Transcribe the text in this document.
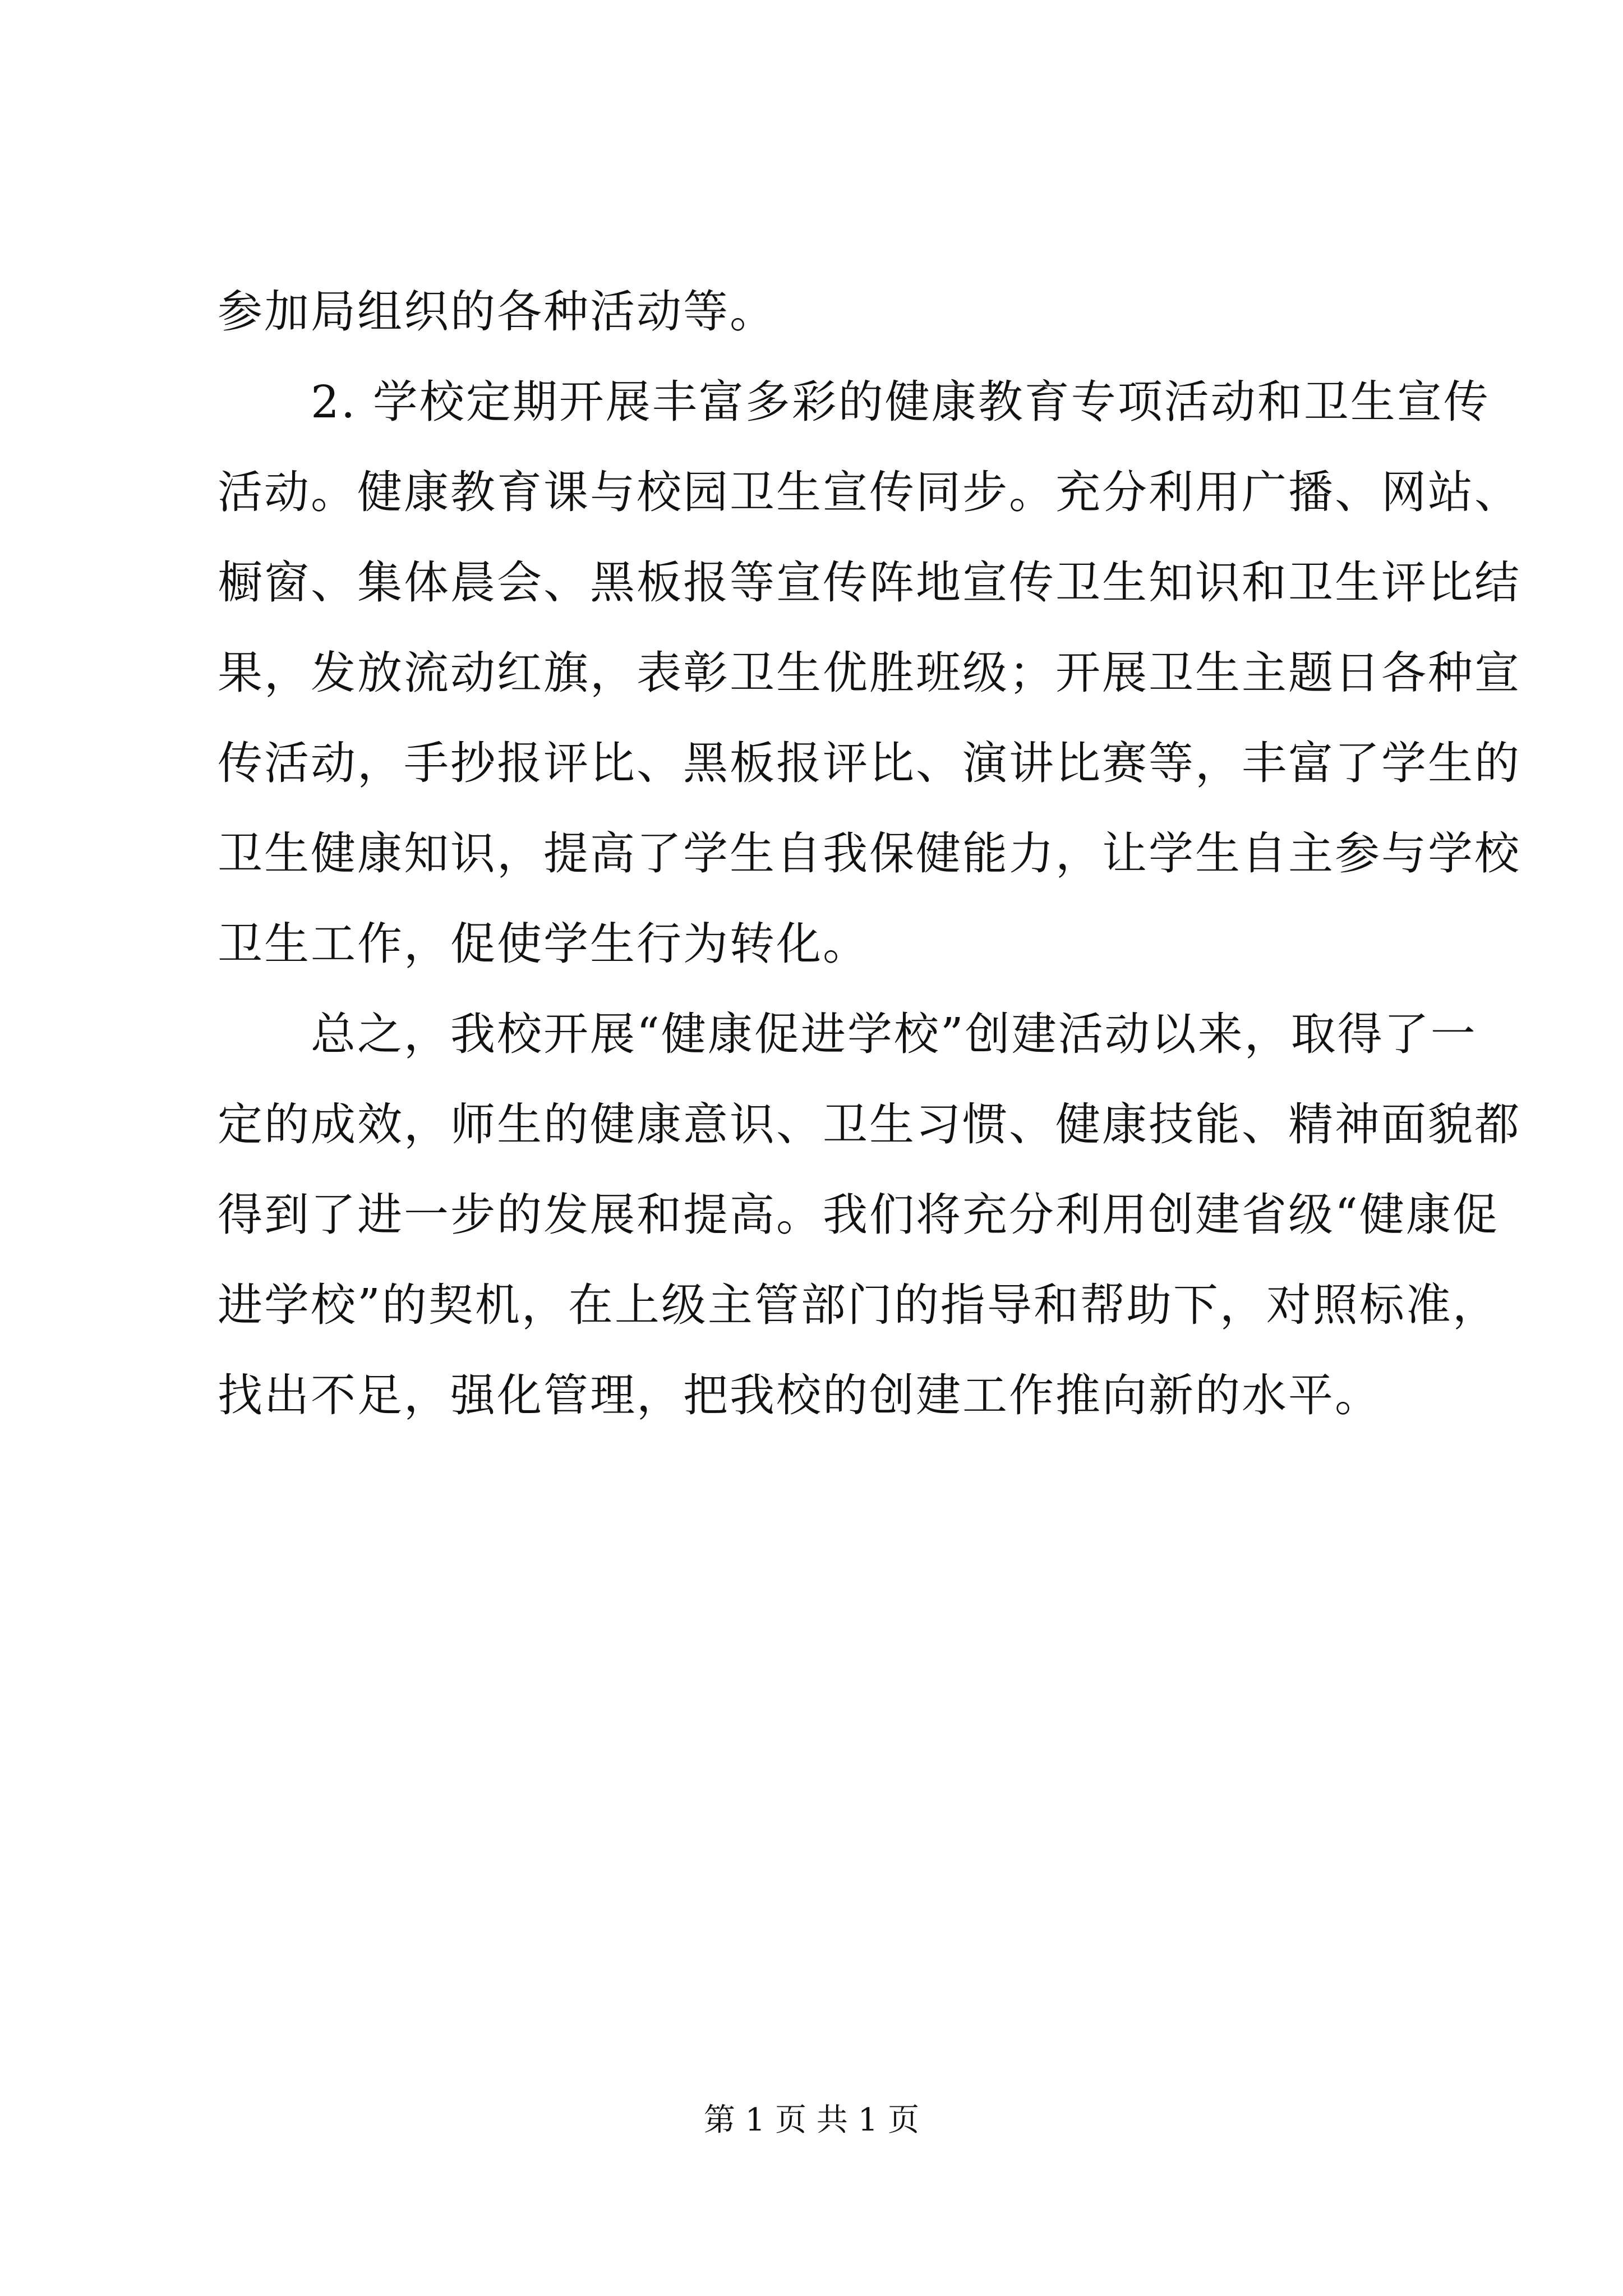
参加局组织的各种活动等。
　　2. 学校定期开展丰富多彩的健康教育专项活动和卫生宣传
活动。健康教育课与校园卫生宣传同步。充分利用广播、网站、
橱窗、集体晨会、黑板报等宣传阵地宣传卫生知识和卫生评比结
果，发放流动红旗，表彰卫生优胜班级；开展卫生主题日各种宣
传活动，手抄报评比、黑板报评比、演讲比赛等，丰富了学生的
卫生健康知识，提高了学生自我保健能力，让学生自主参与学校
卫生工作，促使学生行为转化。
　　总之，我校开展“健康促进学校”创建活动以来，取得了一
定的成效，师生的健康意识、卫生习惯、健康技能、精神面貌都
得到了进一步的发展和提高。我们将充分利用创建省级“健康促
进学校”的契机，在上级主管部门的指导和帮助下，对照标准，
找出不足，强化管理，把我校的创建工作推向新的水平。
第 1 页 共 1 页
